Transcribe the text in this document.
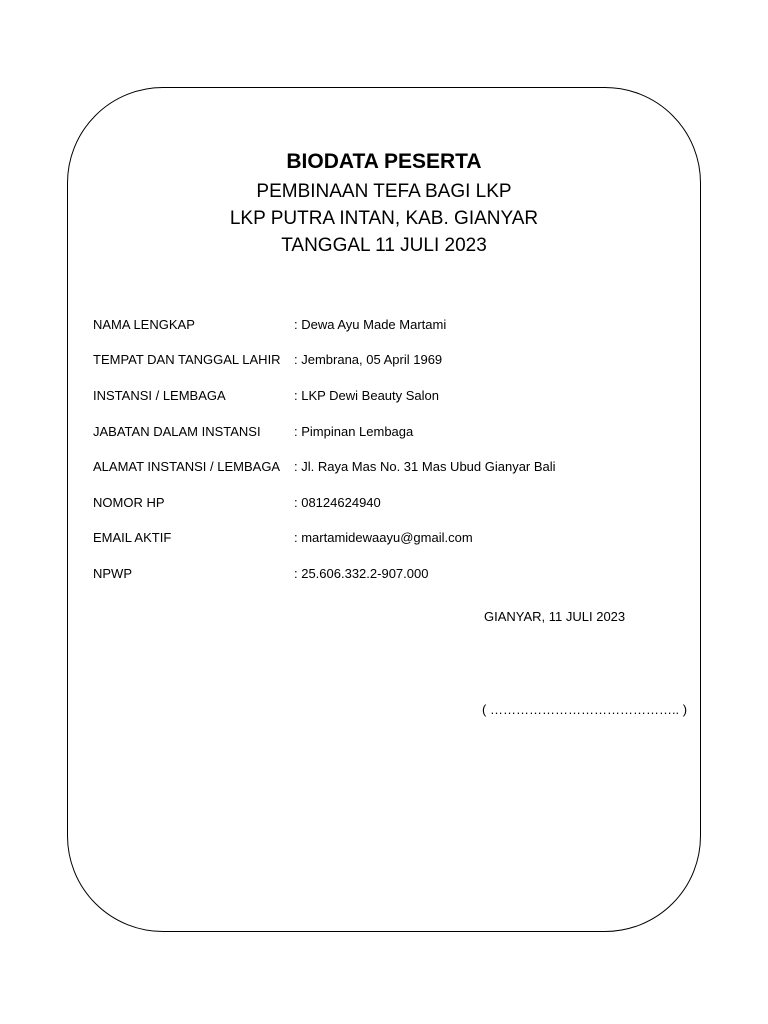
BIODATA PESERTA
PEMBINAAN TEFA BAGI LKP
LKP PUTRA INTAN, KAB. GIANYAR
TANGGAL 11 JULI 2023
NAMA LENGKAP	: Dewa Ayu Made Martami
TEMPAT DAN TANGGAL LAHIR	: Jembrana, 05 April 1969
INSTANSI / LEMBAGA	: LKP Dewi Beauty Salon
JABATAN DALAM INSTANSI	: Pimpinan Lembaga
ALAMAT INSTANSI / LEMBAGA	: Jl. Raya Mas No. 31 Mas Ubud Gianyar Bali
NOMOR HP	: 08124624940
EMAIL AKTIF	: martamidewaayu@gmail.com
NPWP	: 25.606.332.2-907.000
GIANYAR, 11 JULI 2023
( …………………………………….. )
